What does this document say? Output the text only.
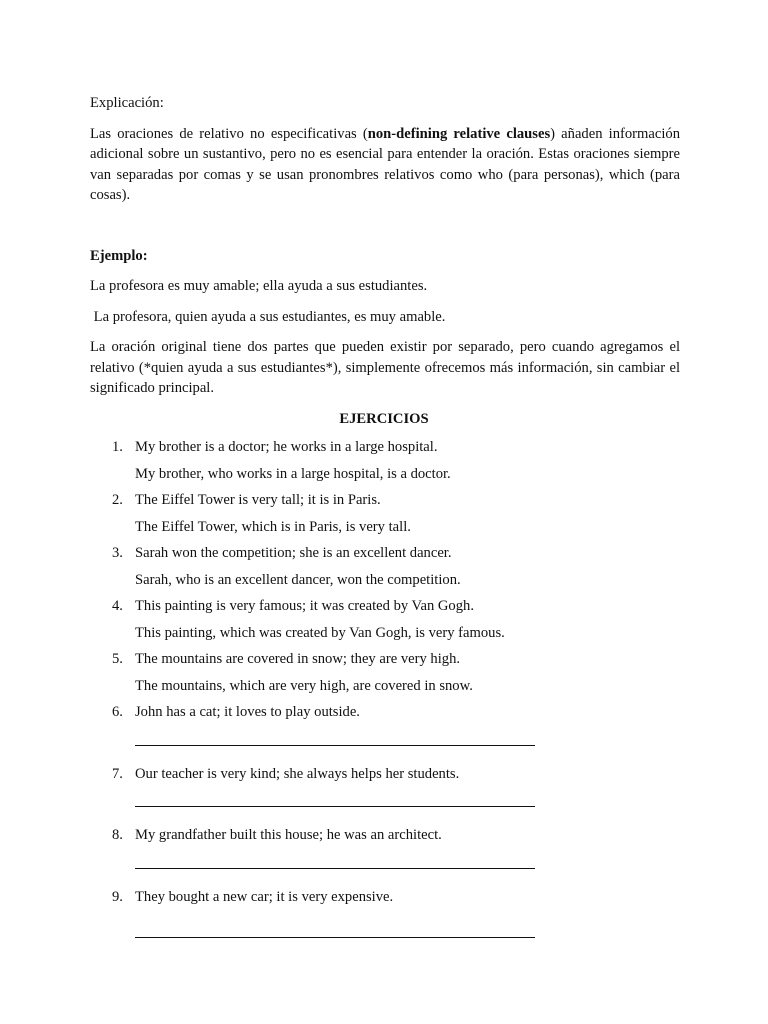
Explicación:

Las oraciones de relativo no especificativas (non-defining relative clauses) añaden información adicional sobre un sustantivo, pero no es esencial para entender la oración. Estas oraciones siempre van separadas por comas y se usan pronombres relativos como who (para personas), which (para cosas).

Ejemplo:

La profesora es muy amable; ella ayuda a sus estudiantes.

La profesora, quien ayuda a sus estudiantes, es muy amable.

La oración original tiene dos partes que pueden existir por separado, pero cuando agregamos el relativo (*quien ayuda a sus estudiantes*), simplemente ofrecemos más información, sin cambiar el significado principal.

EJERCICIOS

1. My brother is a doctor; he works in a large hospital.

My brother, who works in a large hospital, is a doctor.

2. The Eiffel Tower is very tall; it is in Paris.

The Eiffel Tower, which is in Paris, is very tall.

3. Sarah won the competition; she is an excellent dancer.

Sarah, who is an excellent dancer, won the competition.

4. This painting is very famous; it was created by Van Gogh.

This painting, which was created by Van Gogh, is very famous.

5. The mountains are covered in snow; they are very high.

The mountains, which are very high, are covered in snow.

6. John has a cat; it loves to play outside.

7. Our teacher is very kind; she always helps her students.

8. My grandfather built this house; he was an architect.

9. They bought a new car; it is very expensive.
